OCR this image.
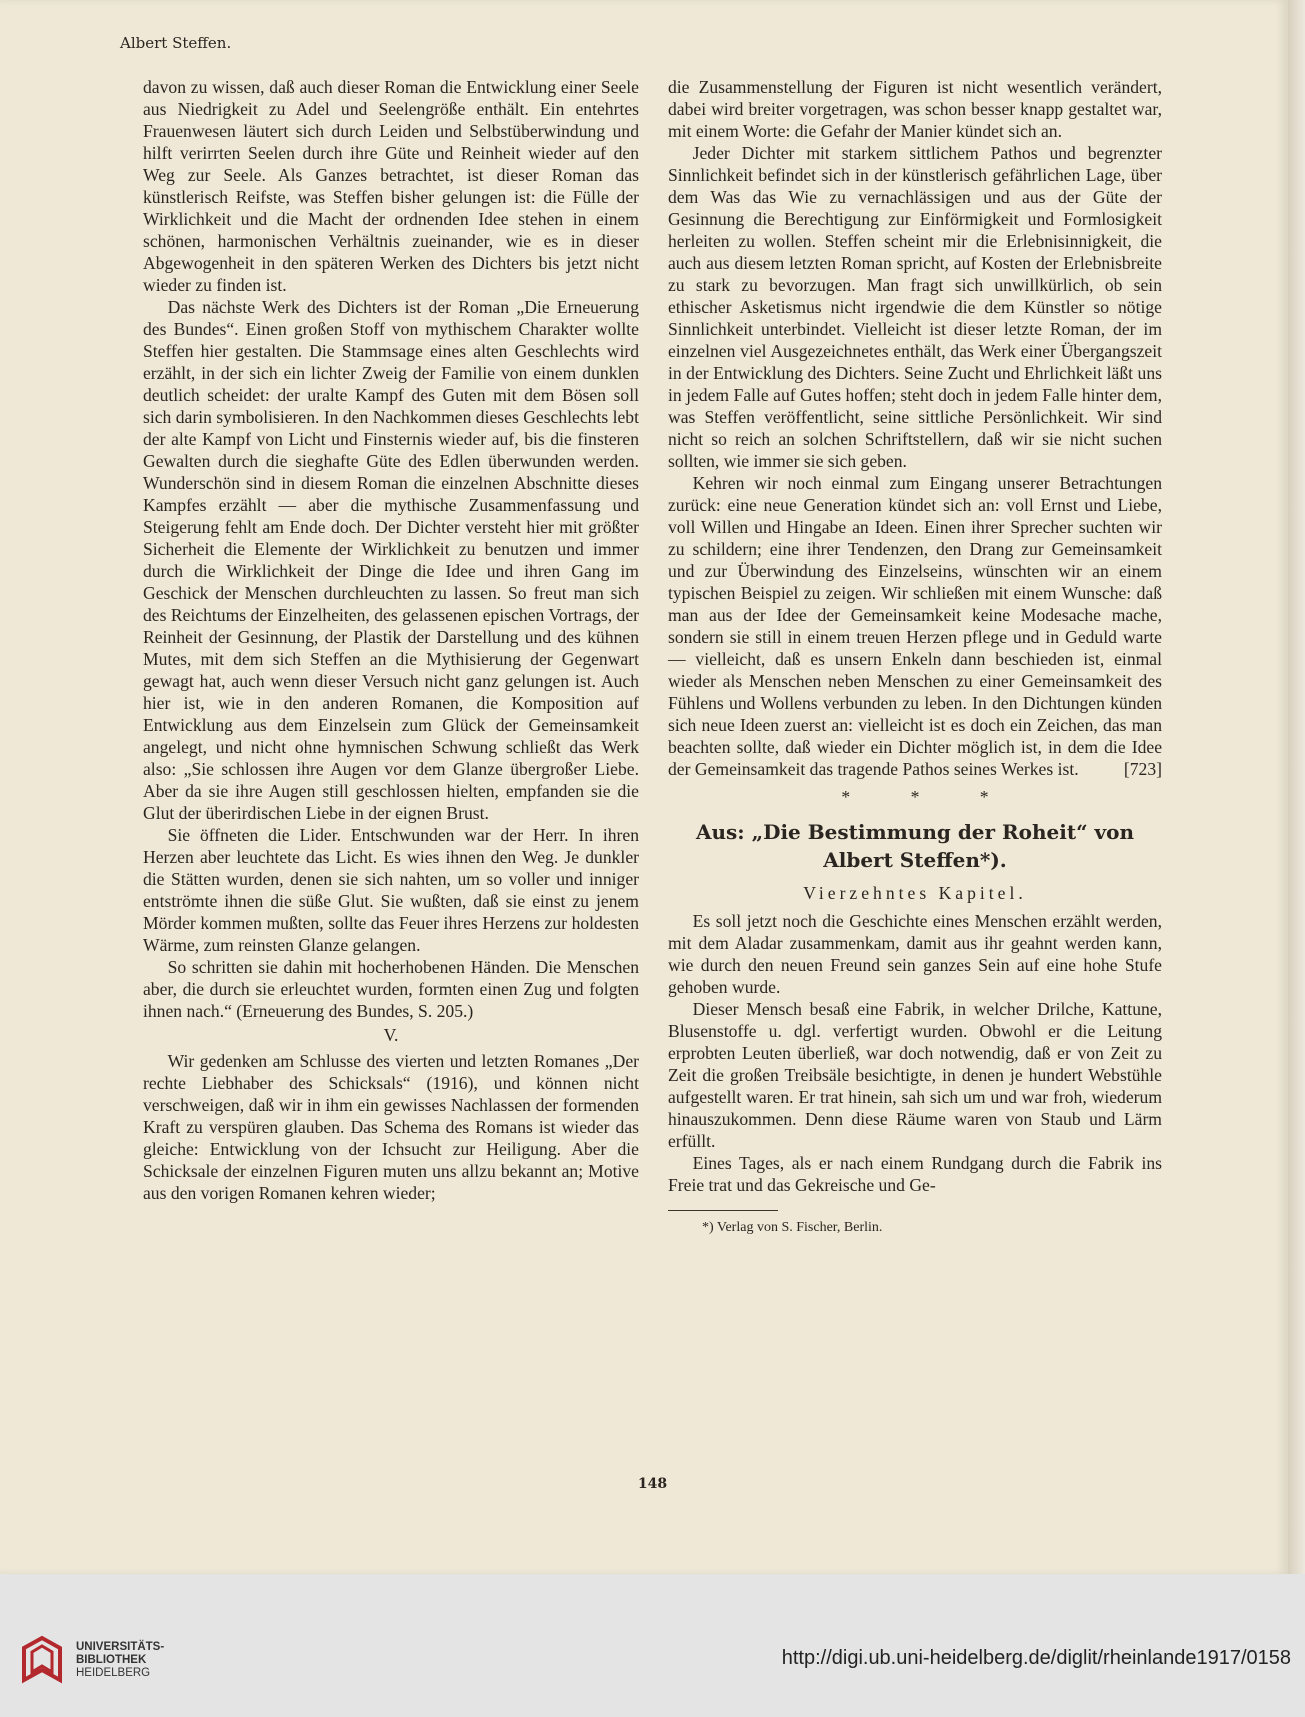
Albert Steffen.

davon zu wissen, daß auch dieser Roman die Entwicklung einer Seele aus Niedrigkeit zu Adel und Seelengröße enthält. Ein entehrtes Frauenwesen läutert sich durch Leiden und Selbstüberwindung und hilft verirrten Seelen durch ihre Güte und Reinheit wieder auf den Weg zur Seele. Als Ganzes betrachtet, ist dieser Roman das künstlerisch Reifste, was Steffen bisher gelungen ist: die Fülle der Wirklichkeit und die Macht der ordnenden Idee stehen in einem schönen, harmonischen Verhältnis zueinander, wie es in dieser Abgewogenheit in den späteren Werken des Dichters bis jetzt nicht wieder zu finden ist.

Das nächste Werk des Dichters ist der Roman „Die Erneuerung des Bundes“. Einen großen Stoff von mythischem Charakter wollte Steffen hier gestalten. Die Stammsage eines alten Geschlechts wird erzählt, in der sich ein lichter Zweig der Familie von einem dunklen deutlich scheidet: der uralte Kampf des Guten mit dem Bösen soll sich darin symbolisieren. In den Nachkommen dieses Geschlechts lebt der alte Kampf von Licht und Finsternis wieder auf, bis die finsteren Gewalten durch die sieghafte Güte des Edlen überwunden werden. Wunderschön sind in diesem Roman die einzelnen Abschnitte dieses Kampfes erzählt — aber die mythische Zusammenfassung und Steigerung fehlt am Ende doch. Der Dichter versteht hier mit größter Sicherheit die Elemente der Wirklichkeit zu benutzen und immer durch die Wirklichkeit der Dinge die Idee und ihren Gang im Geschick der Menschen durchleuchten zu lassen. So freut man sich des Reichtums der Einzelheiten, des gelassenen epischen Vortrags, der Reinheit der Gesinnung, der Plastik der Darstellung und des kühnen Mutes, mit dem sich Steffen an die Mythisierung der Gegenwart gewagt hat, auch wenn dieser Versuch nicht ganz gelungen ist. Auch hier ist, wie in den anderen Romanen, die Komposition auf Entwicklung aus dem Einzelsein zum Glück der Gemeinsamkeit angelegt, und nicht ohne hymnischen Schwung schließt das Werk also: „Sie schlossen ihre Augen vor dem Glanze übergroßer Liebe. Aber da sie ihre Augen still geschlossen hielten, empfanden sie die Glut der überirdischen Liebe in der eignen Brust.

Sie öffneten die Lider. Entschwunden war der Herr. In ihren Herzen aber leuchtete das Licht. Es wies ihnen den Weg. Je dunkler die Stätten wurden, denen sie sich nahten, um so voller und inniger entströmte ihnen die süße Glut. Sie wußten, daß sie einst zu jenem Mörder kommen mußten, sollte das Feuer ihres Herzens zur holdesten Wärme, zum reinsten Glanze gelangen.

So schritten sie dahin mit hocherhobenen Händen. Die Menschen aber, die durch sie erleuchtet wurden, formten einen Zug und folgten ihnen nach.“ (Erneuerung des Bundes, S. 205.)

V.

Wir gedenken am Schlusse des vierten und letzten Romanes „Der rechte Liebhaber des Schicksals“ (1916), und können nicht verschweigen, daß wir in ihm ein gewisses Nachlassen der formenden Kraft zu verspüren glauben. Das Schema des Romans ist wieder das gleiche: Entwicklung von der Ichsucht zur Heiligung. Aber die Schicksale der einzelnen Figuren muten uns allzu bekannt an; Motive aus den vorigen Romanen kehren wieder;

die Zusammenstellung der Figuren ist nicht wesentlich verändert, dabei wird breiter vorgetragen, was schon besser knapp gestaltet war, mit einem Worte: die Gefahr der Manier kündet sich an.

Jeder Dichter mit starkem sittlichem Pathos und begrenzter Sinnlichkeit befindet sich in der künstlerisch gefährlichen Lage, über dem Was das Wie zu vernachlässigen und aus der Güte der Gesinnung die Berechtigung zur Einförmigkeit und Formlosigkeit herleiten zu wollen. Steffen scheint mir die Erlebnisinnigkeit, die auch aus diesem letzten Roman spricht, auf Kosten der Erlebnisbreite zu stark zu bevorzugen. Man fragt sich unwillkürlich, ob sein ethischer Asketismus nicht irgendwie die dem Künstler so nötige Sinnlichkeit unterbindet. Vielleicht ist dieser letzte Roman, der im einzelnen viel Ausgezeichnetes enthält, das Werk einer Übergangszeit in der Entwicklung des Dichters. Seine Zucht und Ehrlichkeit läßt uns in jedem Falle auf Gutes hoffen; steht doch in jedem Falle hinter dem, was Steffen veröffentlicht, seine sittliche Persönlichkeit. Wir sind nicht so reich an solchen Schriftstellern, daß wir sie nicht suchen sollten, wie immer sie sich geben.

Kehren wir noch einmal zum Eingang unserer Betrachtungen zurück: eine neue Generation kündet sich an: voll Ernst und Liebe, voll Willen und Hingabe an Ideen. Einen ihrer Sprecher suchten wir zu schildern; eine ihrer Tendenzen, den Drang zur Gemeinsamkeit und zur Überwindung des Einzelseins, wünschten wir an einem typischen Beispiel zu zeigen. Wir schließen mit einem Wunsche: daß man aus der Idee der Gemeinsamkeit keine Modesache mache, sondern sie still in einem treuen Herzen pflege und in Geduld warte — vielleicht, daß es unsern Enkeln dann beschieden ist, einmal wieder als Menschen neben Menschen zu einer Gemeinsamkeit des Fühlens und Wollens verbunden zu leben. In den Dichtungen künden sich neue Ideen zuerst an: vielleicht ist es doch ein Zeichen, das man beachten sollte, daß wieder ein Dichter möglich ist, in dem die Idee der Gemeinsamkeit das tragende Pathos seines Werkes ist.	[723]

* * *
Aus: „Die Bestimmung der Roheit“ von
Albert Steffen*).
Vierzehntes Kapitel.

Es soll jetzt noch die Geschichte eines Menschen erzählt werden, mit dem Aladar zusammenkam, damit aus ihr geahnt werden kann, wie durch den neuen Freund sein ganzes Sein auf eine hohe Stufe gehoben wurde.

Dieser Mensch besaß eine Fabrik, in welcher Drilche, Kattune, Blusenstoffe u. dgl. verfertigt wurden. Obwohl er die Leitung erprobten Leuten überließ, war doch notwendig, daß er von Zeit zu Zeit die großen Treibsäle besichtigte, in denen je hundert Webstühle aufgestellt waren. Er trat hinein, sah sich um und war froh, wiederum hinauszukommen. Denn diese Räume waren von Staub und Lärm erfüllt.

Eines Tages, als er nach einem Rundgang durch die Fabrik ins Freie trat und das Gekreische und Ge-

*) Verlag von S. Fischer, Berlin.
148
UNIVERSITÄTS-
BIBLIOTHEK
HEIDELBERG
http://digi.ub.uni-heidelberg.de/diglit/rheinlande1917/0158
